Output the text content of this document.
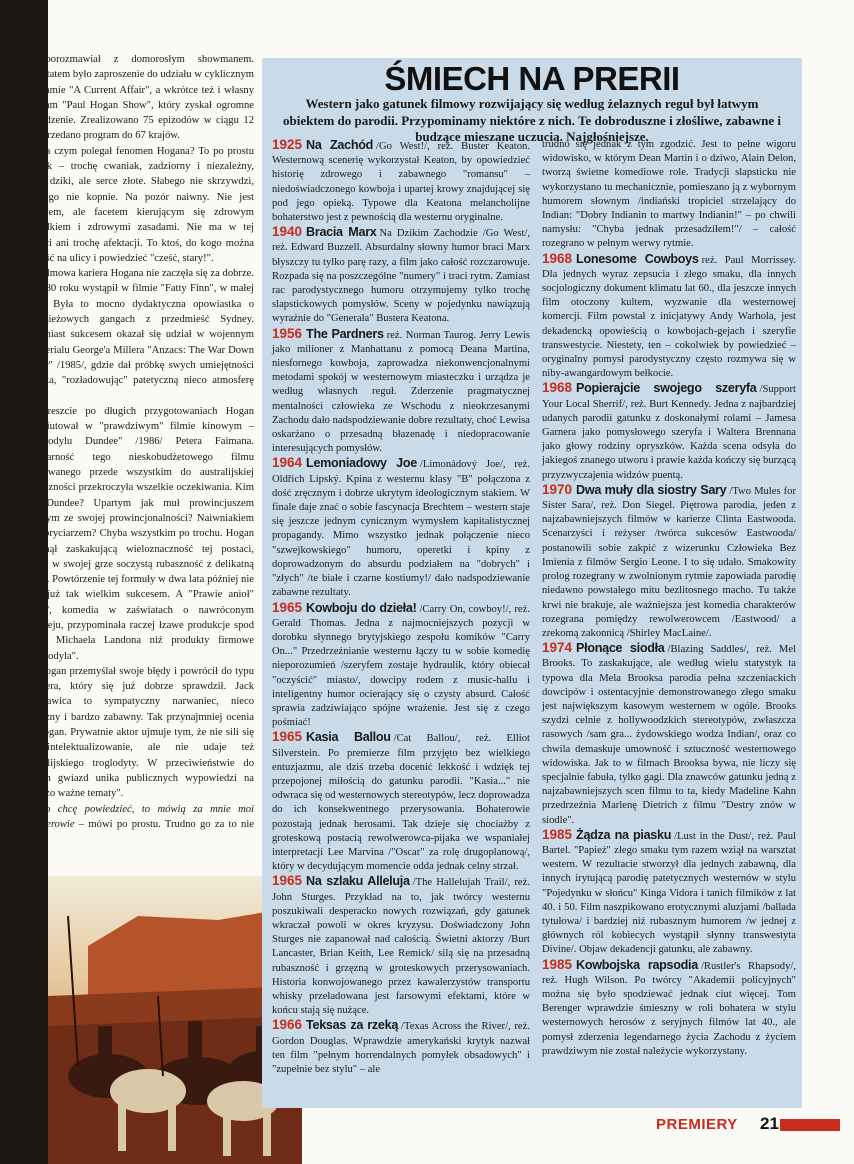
by porozmawiał z domorosłym showmanem. Rezultatem było zaproszenie do udziału w cyklicznym programie "A Current Affair", a wkrótce też i własny program "Paul Hogan Show", który zyskał ogromne powodzenie. Zrealizowano 75 epizodów w ciągu 12 lat, sprzedano program do 67 krajów.

Na czym polegał fenomen Hogana? To po prostu swojak – trochę cwaniak, zadziorny i niezależny, nieco dziki, ale serce złote. Słabego nie skrzywdzi, leżącego nie kopnie. Na pozór naiwny. Nie jest mędrcem, ale facetem kierującym się zdrowym rozsądkiem i zdrowymi zasadami. Nie ma w tej postaci ani trochę afektacji. To ktoś, do kogo można podejść na ulicy i powiedzieć "cześć, stary!".

Filmowa kariera Hogana nie zaczęła się za dobrze. W 1980 roku wystąpił w filmie "Fatty Finn", w małej rólce. Była to mocno dydaktyczna opowiastka o młodzieżowych gangach z przedmieść Sydney. Natomiast sukcesem okazał się udział w wojennym miniserialu George'a Millera "Anzacs: The War Down Under" /1985/, gdzie dał próbkę swych umiejętności komika, "rozładowując" patetyczną nieco atmosferę filmu.

Wreszcie po długich przygotowaniach Hogan zadebiutował w "prawdziwym" filmie kinowym – "Krokodylu Dundee" /1986/ Petera Faimana. Popularność tego nieskobudżetowego filmu skierowanego przede wszystkim do australijskiej publiczności przekroczyła wszelkie oczekiwania. Kim jest Dundee? Upartym jak muł prowincjuszem dumnym ze swojej prowincjonalności? Naiwniakiem czy spryciarzem? Chyba wszystkim po trochu. Hogan osiągnął zaskakującą wieloznaczność tej postaci, łącząc w swojej grze soczystą rubaszność z delikatną ironią. Powtórzenie tej formuły w dwa lata później nie było już tak wielkim sukcesem. A "Prawie anioł" /1990/, komedia w zaświatach o nawróconym złodzieju, przypominała raczej łzawe produkcje spod znaku Michaela Landona niż produkty firmowe "Krokodyla".

Hogan przemyślał swoje błędy i powrócił do typu bohatera, który się już dobrze sprawdził. Jack Błyskawica to sympatyczny narwaniec, nieco cyniczny i bardzo zabawny. Tak przynajmniej ocenia go Hogan. Prywatnie aktor ujmuje tym, że nie sili się na intelektualizowanie, ale nie udaje też australijskiego troglodyty. W przeciwieństwie do innych gwiazd unika publicznych wypowiedzi na "bardzo ważne tematy".

Co chcę powiedzieć, to mówią za mnie moi bohaterowie – mówi po prostu. Trudno go za to nie cenić.

ŚMIECH NA PRERII
Western jako gatunek filmowy rozwijający się według żelaznych reguł był łatwym obiektem do parodii. Przypominamy niektóre z nich. Te dobroduszne i złośliwe, zabawne i budzące mieszane uczucia. Najgłośniejsze.

1925 Na Zachód /Go West!/, reż. Buster Keaton. Westernową scenerię wykorzystał Keaton, by opowiedzieć historię zdrowego i zabawnego "romansu" – niedoświadczonego kowboja i upartej krowy znajdującej się pod jego opieką. Typowe dla Keatona melancholijne bohaterstwo jest z pewnością dla westernu oryginalne.

1940 Bracia Marx Na Dzikim Zachodzie /Go West/, reż. Edward Buzzell. Absurdalny słowny humor braci Marx błyszczy tu tylko parę razy, a film jako całość rozczarowuje. Rozpada się na poszczególne "numery" i traci rytm. Zamiast rac parodystycznego humoru otrzymujemy tylko trochę slapstickowych pomysłów. Sceny w pojedynku nawiązują wyraźnie do "Generała" Bustera Keatona.

1956 The Pardners reż. Norman Taurog. Jerry Lewis jako milioner z Manhattanu z pomocą Deana Martina, niesfornego kowboja, zaprowadza niekonwencjonalnymi metodami spokój w westernowym miasteczku i urządza je według własnych reguł. Zderzenie pragmatycznej mentalności człowieka ze Wschodu z nieokrzesanymi Zachodu dało nadspodziewanie dobre rezultaty, choć Lewisa oskarżano o przesadną błazenadę i niedopracowanie interesujących pomysłów.

1964 Lemoniadowy Joe /Limonádový Joe/, reż. Oldřich Lipský. Kpina z westernu klasy "B" połączona z dość zręcznym i dobrze ukrytym ideologicznym stakiem. W finale daje znać o sobie fascynacja Brechtem – western staje się jeszcze jednym cynicznym wymysłem kapitalistycznej propagandy. Mimo wszystko jednak połączenie nieco "szwejkowskiego" humoru, operetki i kpiny z doprowadzonym do absurdu podziałem na "dobrych" i "złych" /te białe i czarne kostiumy!/ dało nadspodziewanie zabawne rezultaty.

1965 Kowboju do dzieła! /Carry On, cowboy!/, reż. Gerald Thomas. Jedna z najmocniejszych pozycji w dorobku słynnego brytyjskiego zespołu komików "Carry On..." Przedrzeźnianie westernu łączy tu w sobie komedię nieporozumień /szeryfem zostaje hydraulik, który obiecał "oczyścić" miasto/, dowcipy rodem z music-hallu i inteligentny humor ocierający się o czysty absurd. Całość sprawia zadziwiająco spójne wrażenie. Jest się z czego pośmiać!

1965 Kasia Ballou /Cat Ballou/, reż. Elliot Silverstein. Po premierze film przyjęto bez wielkiego entuzjazmu, ale dziś trzeba docenić lekkość i wdzięk tej przepojonej miłością do gatunku parodii. "Kasia..." nie odwraca się od westernowych stereotypów, lecz doprowadza do ich konsekwentnego przerysowania. Bohaterowie pozostają jednak herosami. Tak dzieje się chociażby z groteskową postacią rewolwerowca-pijaka we wspaniałej interpretacji Lee Marvina /"Oscar" za rolę drugoplanową/, który w decydującym momencie odda jednak celny strzał.

1965 Na szlaku Alleluja /The Hallelujah Trail/, reż. John Sturges. Przykład na to, jak twórcy westernu poszukiwali desperacko nowych rozwiązań, gdy gatunek wkraczał powoli w okres kryzysu. Doświadczony John Sturges nie zapanował nad całością. Świetni aktorzy /Burt Lancaster, Brian Keith, Lee Remick/ silą się na przesadną rubaszność i grzęzną w groteskowych przerysowaniach. Historia konwojowanego przez kawalerzystów transportu whisky przeładowana jest farsowymi efektami, które w końcu stają się nużące.

1966 Teksas za rzeką /Texas Across the River/, reż. Gordon Douglas. Wprawdzie amerykański krytyk nazwał ten film "pełnym horrendalnych pomyłek obsadowych" i "zupełnie bez stylu" – ale

trudno się jednak z tym zgodzić. Jest to pełne wigoru widowisko, w którym Dean Martin i o dziwo, Alain Delon, tworzą świetne komediowe role. Tradycji slapsticku nie wykorzystano tu mechanicznie, pomieszano ją z wybornym humorem słownym /indiański tropiciel strzelający do Indian: "Dobry Indianin to martwy Indianin!" – po chwili namysłu: "Chyba jednak przesadziłem!"/ – całość rozegrano w pełnym werwy rytmie.

1968 Lonesome Cowboys reż. Paul Morrissey. Dla jednych wyraz zepsucia i złego smaku, dla innych socjologiczny dokument klimatu lat 60., dla jeszcze innych film otoczony kultem, wyzwanie dla westernowej komercji. Film powstał z inicjatywy Andy Warhola, jest dekadencką opowieścią o kowbojach-gejach i szeryfie transwestycie. Niestety, ten – cokolwiek by powiedzieć – oryginalny pomysł parodystyczny często rozmywa się w niby-awangardowym bełkocie.

1968 Popierajcie swojego szeryfa /Support Your Local Sherrif/, reż. Burt Kennedy. Jedna z najbardziej udanych parodii gatunku z doskonałymi rolami – Jamesa Garnera jako pomysłowego szeryfa i Waltera Brennana jako głowy rodziny opryszków. Każda scena odsyła do jakiegoś znanego utworu i prawie każda kończy się burzącą przyzwyczajenia widzów puentą.

1970 Dwa muły dla siostry Sary /Two Mules for Sister Sara/, reż. Don Siegel. Piętrowa parodia, jeden z najzabawniejszych filmów w karierze Clinta Eastwooda. Scenarzyści i reżyser /twórca sukcesów Eastwooda/ postanowili sobie zakpić z wizerunku Człowieka Bez Imienia z filmów Sergio Leone. I to się udało. Smakowity prolog rozegrany w zwolnionym rytmie zapowiada parodię niedawno powstałego mitu bezlitosnego macho. Tu także krwi nie brakuje, ale ważniejsza jest komedia charakterów rozegrana pomiędzy rewolwerowcem /Eastwood/ a zrekomą zakonnicą /Shirley MacLaine/.

1974 Płonące siodła /Blazing Saddles/, reż. Mel Brooks. To zaskakujące, ale według wielu statystyk ta typowa dla Mela Brooksa parodia pełna szczeniackich dowcipów i ostentacyjnie demonstrowanego złego smaku jest największym kasowym westernem w ogóle. Brooks szydzi celnie z hollywoodzkich stereotypów, zwłaszcza rasowych /sam gra... żydowskiego wodza Indian/, oraz co chwila demaskuje umowność i sztuczność westernowego widowiska. Jak to w filmach Brooksa bywa, nie liczy się specjalnie fabuła, tylko gagi. Dla znawców gatunku jedną z najzabawniejszych scen filmu to ta, kiedy Madeline Kahn przedrzeźnia Marlenę Dietrich z filmu "Destry znów w siodle".

1985 Żądza na piasku /Lust in the Dust/, reż. Paul Bartel. "Papież" złego smaku tym razem wziął na warsztat western. W rezultacie stworzył dla jednych zabawną, dla innych irytującą parodię patetycznych westernów w stylu "Pojedynku w słońcu" Kinga Vidora i tanich filmików z lat 40. i 50. Film naszpikowano erotycznymi aluzjami /ballada tytułowa/ i bardziej niż rubasznym humorem /w jednej z głównych ról kobiecych wystąpił słynny transwestyta Divine/. Objaw dekadencji gatunku, ale zabawny.

1985 Kowbojska rapsodia /Rustler's Rhapsody/, reż. Hugh Wilson. Po twórcy "Akademii policyjnych" można się było spodziewać jednak ciut więcej. Tom Berenger wprawdzie śmieszny w roli bohatera w stylu westernowych herosów z seryjnych filmów lat 40., ale pomysł zderzenia legendarnego życia Zachodu z życiem prawdziwym nie został należycie wykorzystany.

PREMIERY 21
